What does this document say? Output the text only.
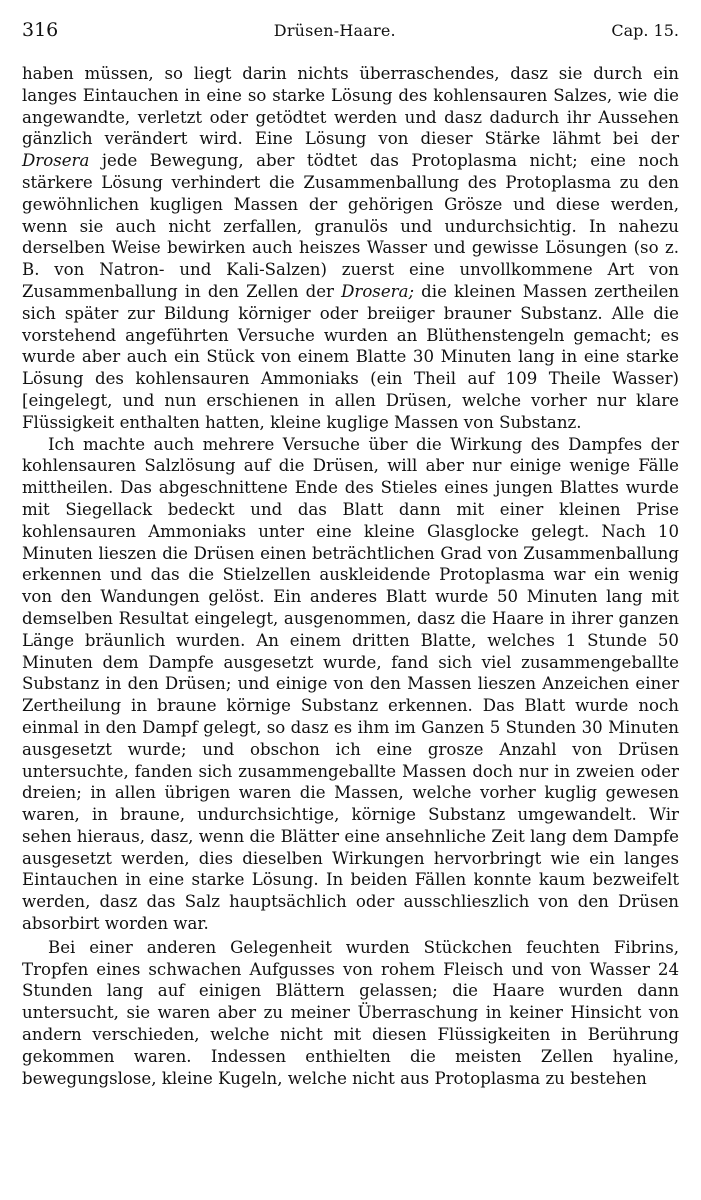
316	Drüsen-Haare.	Cap. 15.

haben müssen, so liegt darin nichts überraschendes, dasz sie durch ein langes Eintauchen in eine so starke Lösung des kohlensauren Salzes, wie die angewandte, verletzt oder getödtet werden und dasz dadurch ihr Aussehen gänzlich verändert wird. Eine Lösung von dieser Stärke lähmt bei der Drosera jede Bewegung, aber tödtet das Protoplasma nicht; eine noch stärkere Lösung verhindert die Zusammenballung des Protoplasma zu den gewöhnlichen kugligen Massen der gehörigen Grösze und diese werden, wenn sie auch nicht zerfallen, granulös und undurchsichtig. In nahezu derselben Weise bewirken auch heiszes Wasser und gewisse Lösungen (so z. B. von Natron- und Kali-Salzen) zuerst eine unvollkommene Art von Zusammenballung in den Zellen der Drosera; die kleinen Massen zertheilen sich später zur Bildung körniger oder breiiger brauner Substanz. Alle die vorstehend angeführten Versuche wurden an Blüthenstengeln gemacht; es wurde aber auch ein Stück von einem Blatte 30 Minuten lang in eine starke Lösung des kohlensauren Ammoniaks (ein Theil auf 109 Theile Wasser) [eingelegt, und nun erschienen in allen Drüsen, welche vorher nur klare Flüssigkeit enthalten hatten, kleine kuglige Massen von Substanz.

Ich machte auch mehrere Versuche über die Wirkung des Dampfes der kohlensauren Salzlösung auf die Drüsen, will aber nur einige wenige Fälle mittheilen. Das abgeschnittene Ende des Stieles eines jungen Blattes wurde mit Siegellack bedeckt und das Blatt dann mit einer kleinen Prise kohlensauren Ammoniaks unter eine kleine Glasglocke gelegt. Nach 10 Minuten lieszen die Drüsen einen beträchtlichen Grad von Zusammenballung erkennen und das die Stielzellen auskleidende Protoplasma war ein wenig von den Wandungen gelöst. Ein anderes Blatt wurde 50 Minuten lang mit demselben Resultat eingelegt, ausgenommen, dasz die Haare in ihrer ganzen Länge bräunlich wurden. An einem dritten Blatte, welches 1 Stunde 50 Minuten dem Dampfe ausgesetzt wurde, fand sich viel zusammengeballte Substanz in den Drüsen; und einige von den Massen lieszen Anzeichen einer Zertheilung in braune körnige Substanz erkennen. Das Blatt wurde noch einmal in den Dampf gelegt, so dasz es ihm im Ganzen 5 Stunden 30 Minuten ausgesetzt wurde; und obschon ich eine grosze Anzahl von Drüsen untersuchte, fanden sich zusammengeballte Massen doch nur in zweien oder dreien; in allen übrigen waren die Massen, welche vorher kuglig gewesen waren, in braune, undurchsichtige, körnige Substanz umgewandelt. Wir sehen hieraus, dasz, wenn die Blätter eine ansehnliche Zeit lang dem Dampfe ausgesetzt werden, dies dieselben Wirkungen hervorbringt wie ein langes Eintauchen in eine starke Lösung. In beiden Fällen konnte kaum bezweifelt werden, dasz das Salz hauptsächlich oder ausschlieszlich von den Drüsen absorbirt worden war.

Bei einer anderen Gelegenheit wurden Stückchen feuchten Fibrins, Tropfen eines schwachen Aufgusses von rohem Fleisch und von Wasser 24 Stunden lang auf einigen Blättern gelassen; die Haare wurden dann untersucht, sie waren aber zu meiner Überraschung in keiner Hinsicht von andern verschieden, welche nicht mit diesen Flüssigkeiten in Berührung gekommen waren. Indessen enthielten die meisten Zellen hyaline, bewegungslose, kleine Kugeln, welche nicht aus Protoplasma zu bestehen
